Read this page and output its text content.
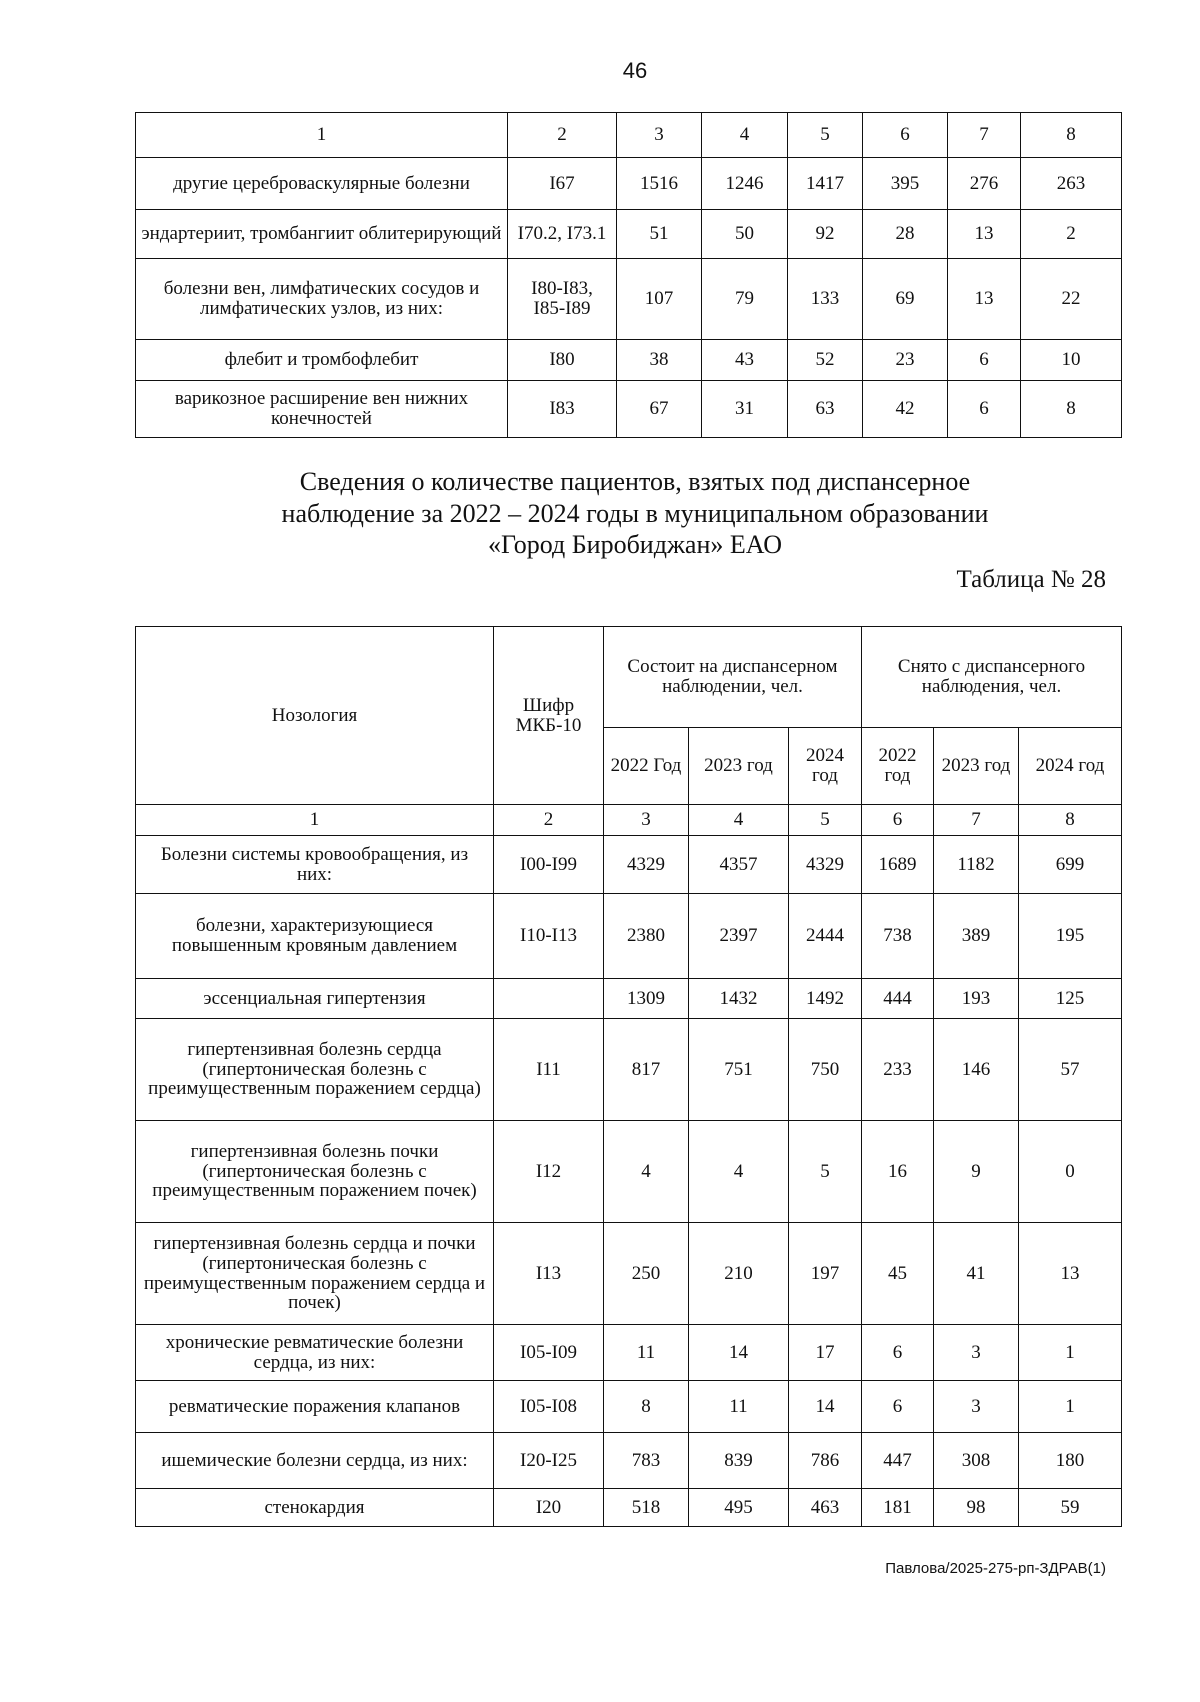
46
1	2	3	4	5	6	7	8
другие цереброваскулярные болезни	I67	1516	1246	1417	395	276	263
эндартериит, тромбангиит облитерирующий	I70.2, I73.1	51	50	92	28	13	2
болезни вен, лимфатических сосудов и лимфатических узлов, из них:	I80-I83, I85-I89	107	79	133	69	13	22
флебит и тромбофлебит	I80	38	43	52	23	6	10
варикозное расширение вен нижних конечностей	I83	67	31	63	42	6	8
Сведения о количестве пациентов, взятых под диспансерное
наблюдение за 2022 – 2024 годы в муниципальном образовании
«Город Биробиджан» ЕАО
Таблица № 28
Нозология	Шифр МКБ-10	Состоит на диспансерном наблюдении, чел.			Снято с диспансерного наблюдения, чел.		
		2022 Год	2023 год	2024 год	2022 год	2023 год	2024 год
1	2	3	4	5	6	7	8
Болезни системы кровообращения, из них:	I00-I99	4329	4357	4329	1689	1182	699
болезни, характеризующиеся повышенным кровяным давлением	I10-I13	2380	2397	2444	738	389	195
эссенциальная гипертензия		1309	1432	1492	444	193	125
гипертензивная болезнь сердца (гипертоническая болезнь с преимущественным поражением сердца)	I11	817	751	750	233	146	57
гипертензивная болезнь почки (гипертоническая болезнь с преимущественным поражением почек)	I12	4	4	5	16	9	0
гипертензивная болезнь сердца и почки (гипертоническая болезнь с преимущественным поражением сердца и почек)	I13	250	210	197	45	41	13
хронические ревматические болезни сердца, из них:	I05-I09	11	14	17	6	3	1
ревматические поражения клапанов	I05-I08	8	11	14	6	3	1
ишемические болезни сердца, из них:	I20-I25	783	839	786	447	308	180
стенокардия	I20	518	495	463	181	98	59
Павлова/2025-275-рп-ЗДРАВ(1)
